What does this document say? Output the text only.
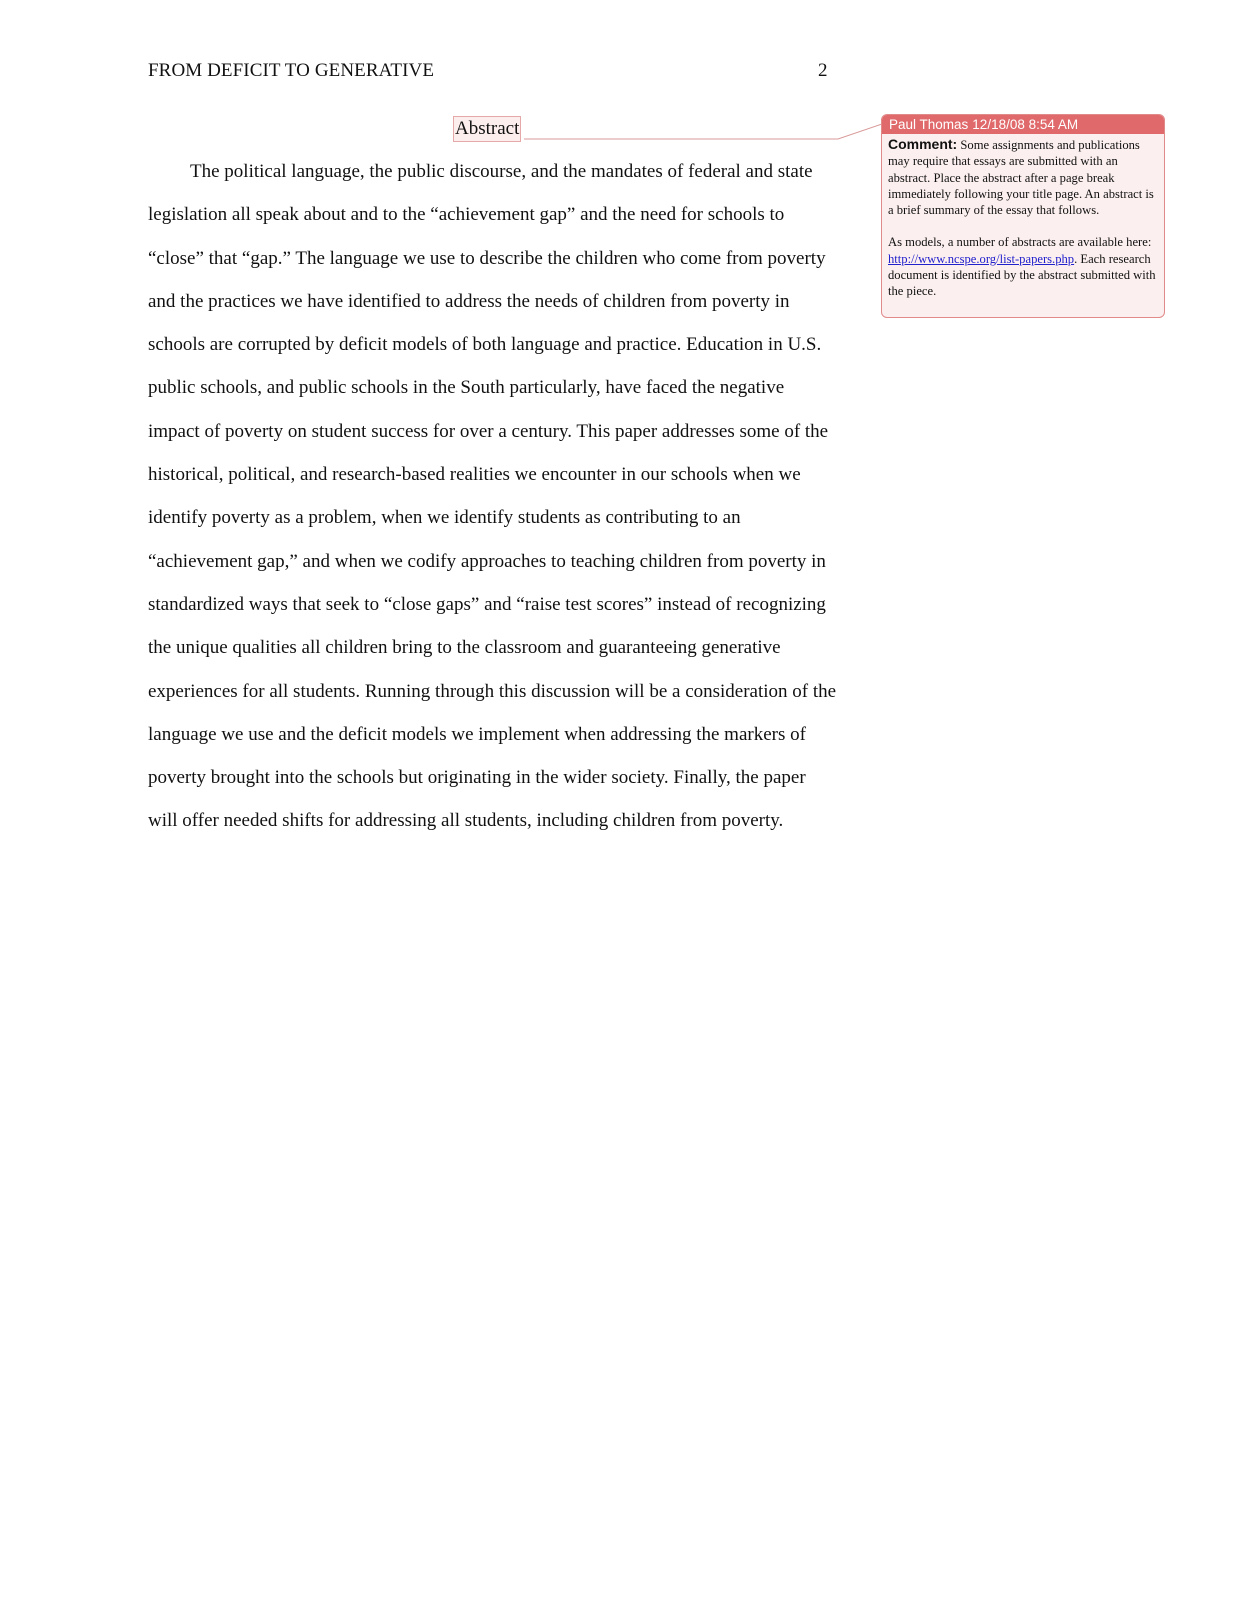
FROM DEFICIT TO GENERATIVE	2
Abstract

The political language, the public discourse, and the mandates of federal and state legislation all speak about and to the “achievement gap” and the need for schools to “close” that “gap.” The language we use to describe the children who come from poverty and the practices we have identified to address the needs of children from poverty in schools are corrupted by deficit models of both language and practice. Education in U.S. public schools, and public schools in the South particularly, have faced the negative impact of poverty on student success for over a century. This paper addresses some of the historical, political, and research-based realities we encounter in our schools when we identify poverty as a problem, when we identify students as contributing to an “achievement gap,” and when we codify approaches to teaching children from poverty in standardized ways that seek to “close gaps” and “raise test scores” instead of recognizing the unique qualities all children bring to the classroom and guaranteeing generative experiences for all students. Running through this discussion will be a consideration of the language we use and the deficit models we implement when addressing the markers of poverty brought into the schools but originating in the wider society. Finally, the paper will offer needed shifts for addressing all students, including children from poverty.

Paul Thomas 12/18/08 8:54 AM
Comment: Some assignments and publications may require that essays are submitted with an abstract. Place the abstract after a page break immediately following your title page. An abstract is a brief summary of the essay that follows.
As models, a number of abstracts are available here: http://www.ncspe.org/list-papers.php. Each research document is identified by the abstract submitted with the piece.
